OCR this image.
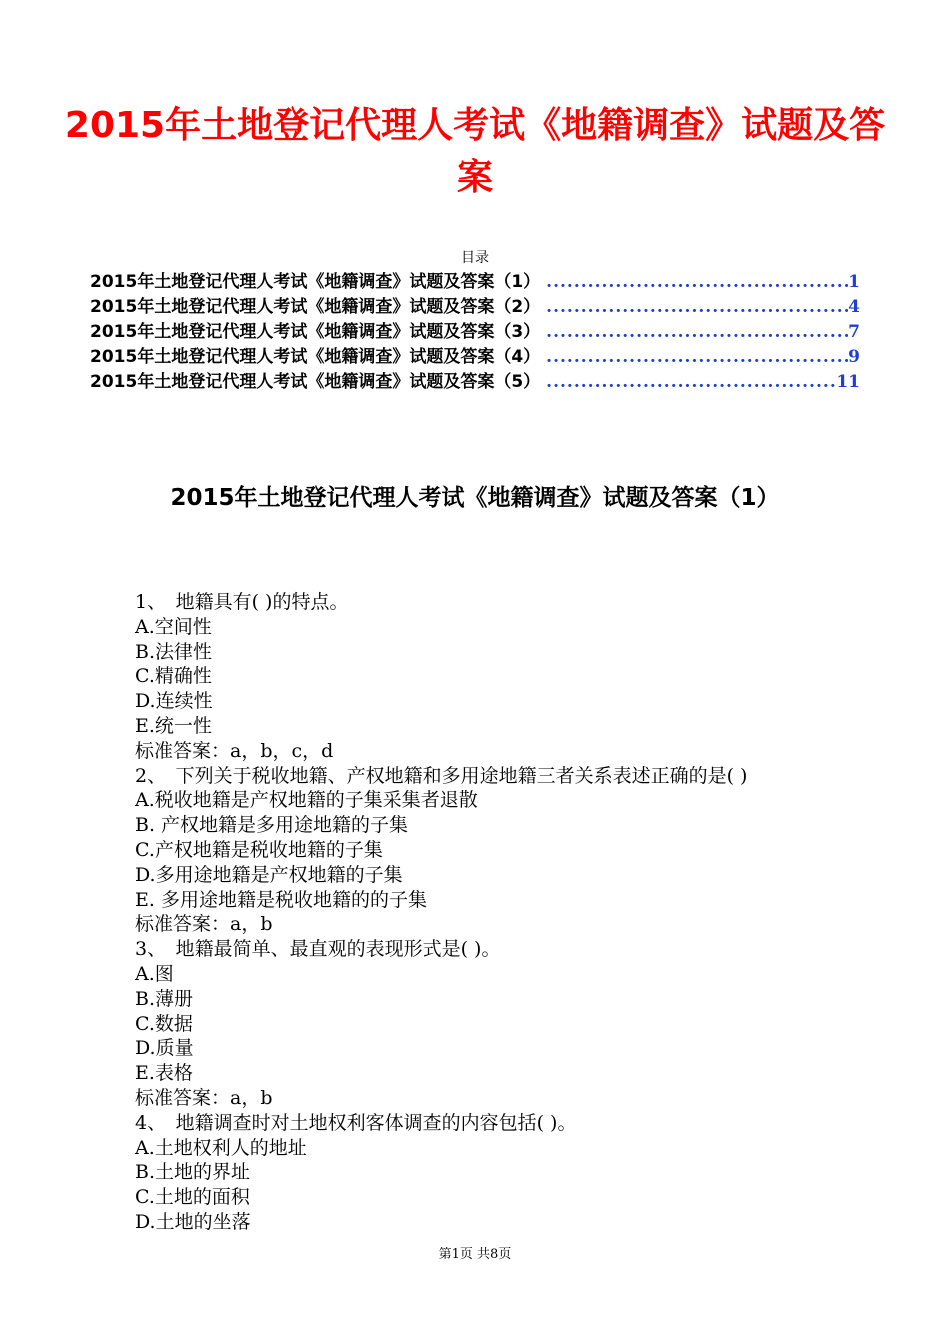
2015年土地登记代理人考试《地籍调查》试题及答案
目录
2015年土地登记代理人考试《地籍调查》试题及答案（1） .....	1
2015年土地登记代理人考试《地籍调查》试题及答案（2） .....	4
2015年土地登记代理人考试《地籍调查》试题及答案（3） .....	7
2015年土地登记代理人考试《地籍调查》试题及答案（4） .....	9
2015年土地登记代理人考试《地籍调查》试题及答案（5） .....	11
2015年土地登记代理人考试《地籍调查》试题及答案（1）
1、　地籍具有( )的特点。
A.空间性
B.法律性
C.精确性
D.连续性
E.统一性
标准答案：a，b，c，d
2、　下列关于税收地籍、产权地籍和多用途地籍三者关系表述正确的是( )
A.税收地籍是产权地籍的子集采集者退散
B. 产权地籍是多用途地籍的子集
C.产权地籍是税收地籍的子集
D.多用途地籍是产权地籍的子集
E. 多用途地籍是税收地籍的的子集
标准答案：a，b
3、　地籍最简单、最直观的表现形式是( )。
A.图
B.薄册
C.数据
D.质量
E.表格
标准答案：a，b
4、　地籍调查时对土地权利客体调查的内容包括( )。
A.土地权利人的地址
B.土地的界址
C.土地的面积
D.土地的坐落
第1页 共8页
